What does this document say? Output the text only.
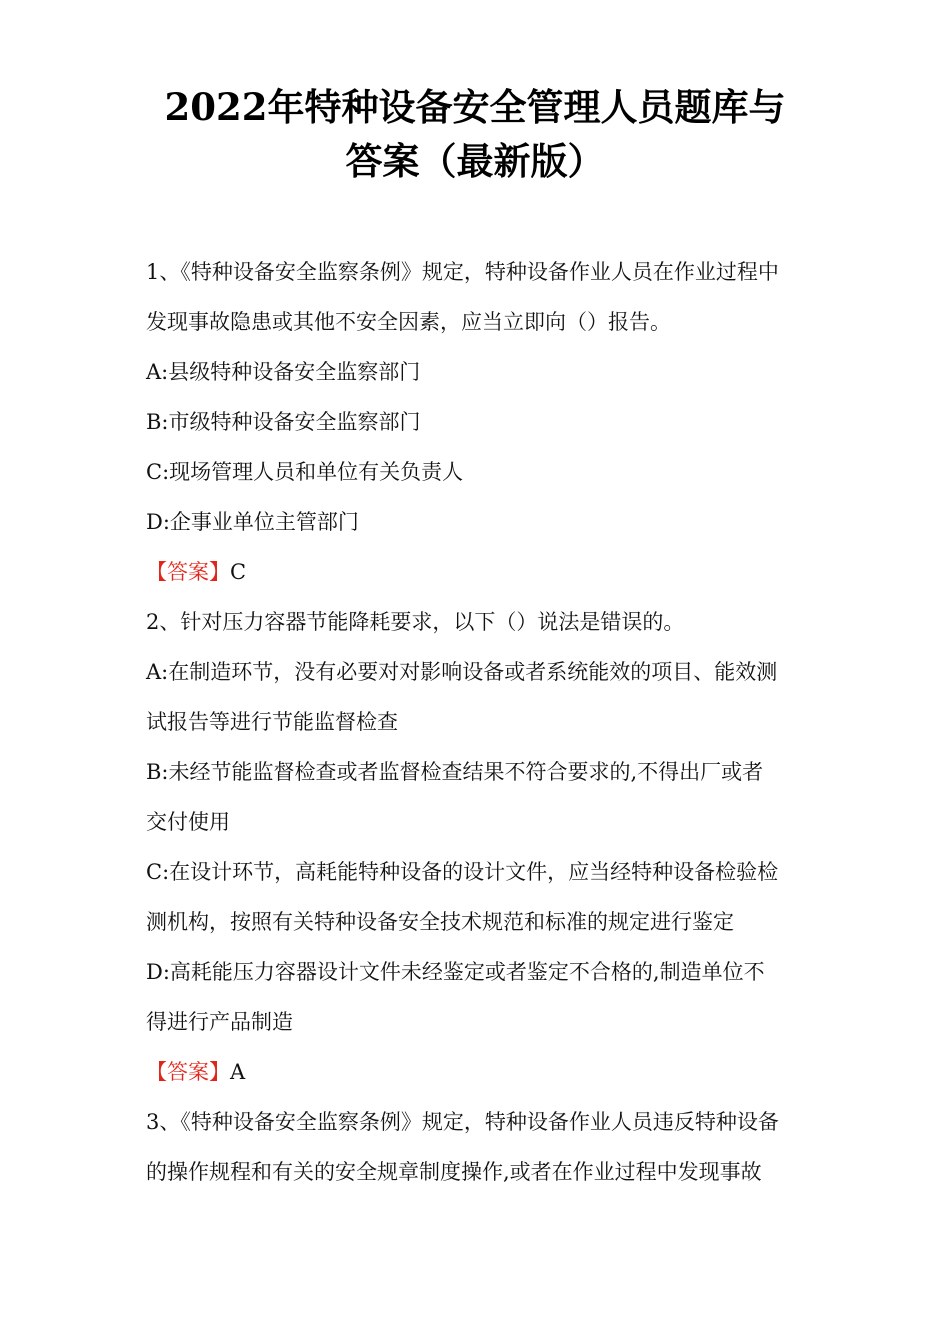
2022年特种设备安全管理人员题库与
答案（最新版）
1、《特种设备安全监察条例》规定，特种设备作业人员在作业过程中
发现事故隐患或其他不安全因素，应当立即向（）报告。
A:县级特种设备安全监察部门
B:市级特种设备安全监察部门
C:现场管理人员和单位有关负责人
D:企事业单位主管部门
【答案】C
2、针对压力容器节能降耗要求，以下（）说法是错误的。
A:在制造环节，没有必要对对影响设备或者系统能效的项目、能效测
试报告等进行节能监督检查
B:未经节能监督检查或者监督检查结果不符合要求的,不得出厂或者
交付使用
C:在设计环节，高耗能特种设备的设计文件，应当经特种设备检验检
测机构，按照有关特种设备安全技术规范和标准的规定进行鉴定
D:高耗能压力容器设计文件未经鉴定或者鉴定不合格的,制造单位不
得进行产品制造
【答案】A
3、《特种设备安全监察条例》规定，特种设备作业人员违反特种设备
的操作规程和有关的安全规章制度操作,或者在作业过程中发现事故
